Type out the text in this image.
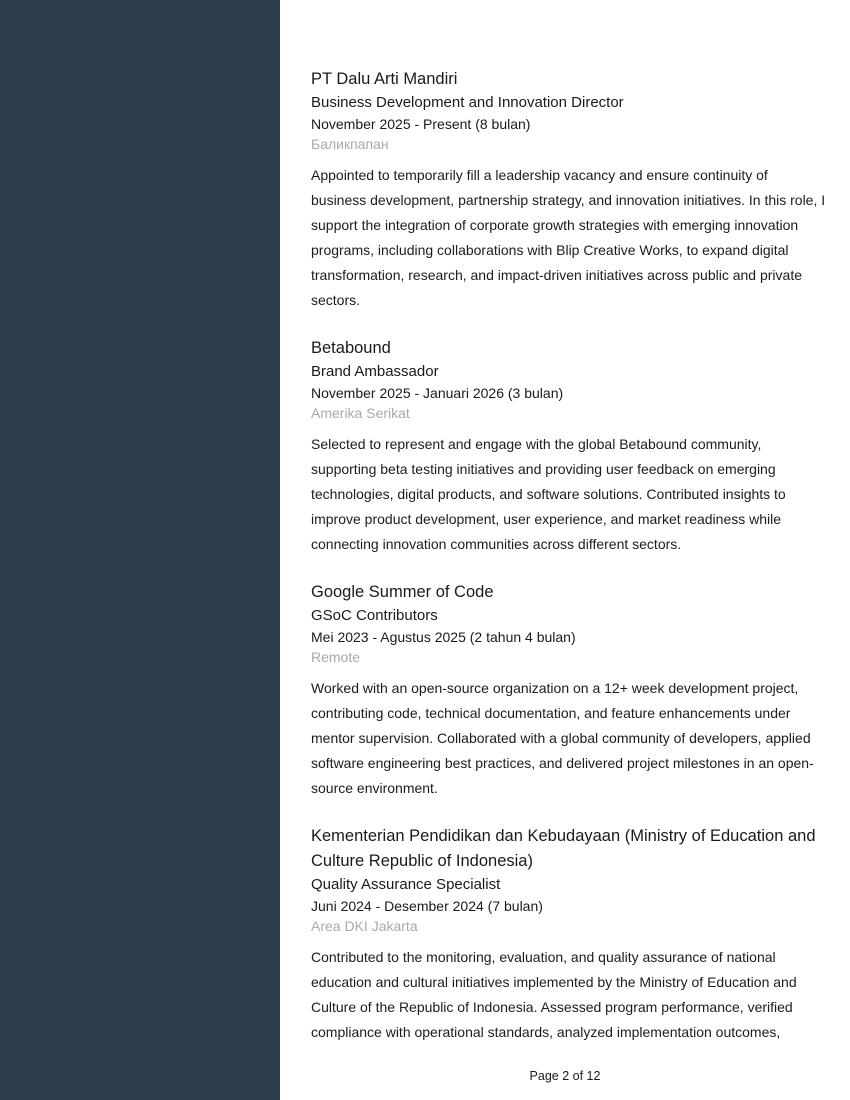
PT Dalu Arti Mandiri
Business Development and Innovation Director
November 2025 - Present (8 bulan)
Баликпапан
Appointed to temporarily fill a leadership vacancy and ensure continuity of business development, partnership strategy, and innovation initiatives. In this role, I support the integration of corporate growth strategies with emerging innovation programs, including collaborations with Blip Creative Works, to expand digital transformation, research, and impact-driven initiatives across public and private sectors.
Betabound
Brand Ambassador
November 2025 - Januari 2026 (3 bulan)
Amerika Serikat
Selected to represent and engage with the global Betabound community, supporting beta testing initiatives and providing user feedback on emerging technologies, digital products, and software solutions. Contributed insights to improve product development, user experience, and market readiness while connecting innovation communities across different sectors.
Google Summer of Code
GSoC Contributors
Mei 2023 - Agustus 2025 (2 tahun 4 bulan)
Remote
Worked with an open-source organization on a 12+ week development project, contributing code, technical documentation, and feature enhancements under mentor supervision. Collaborated with a global community of developers, applied software engineering best practices, and delivered project milestones in an open-source environment.
Kementerian Pendidikan dan Kebudayaan (Ministry of Education and Culture Republic of Indonesia)
Quality Assurance Specialist
Juni 2024 - Desember 2024 (7 bulan)
Area DKI Jakarta
Contributed to the monitoring, evaluation, and quality assurance of national education and cultural initiatives implemented by the Ministry of Education and Culture of the Republic of Indonesia. Assessed program performance, verified compliance with operational standards, analyzed implementation outcomes,
Page 2 of 12
